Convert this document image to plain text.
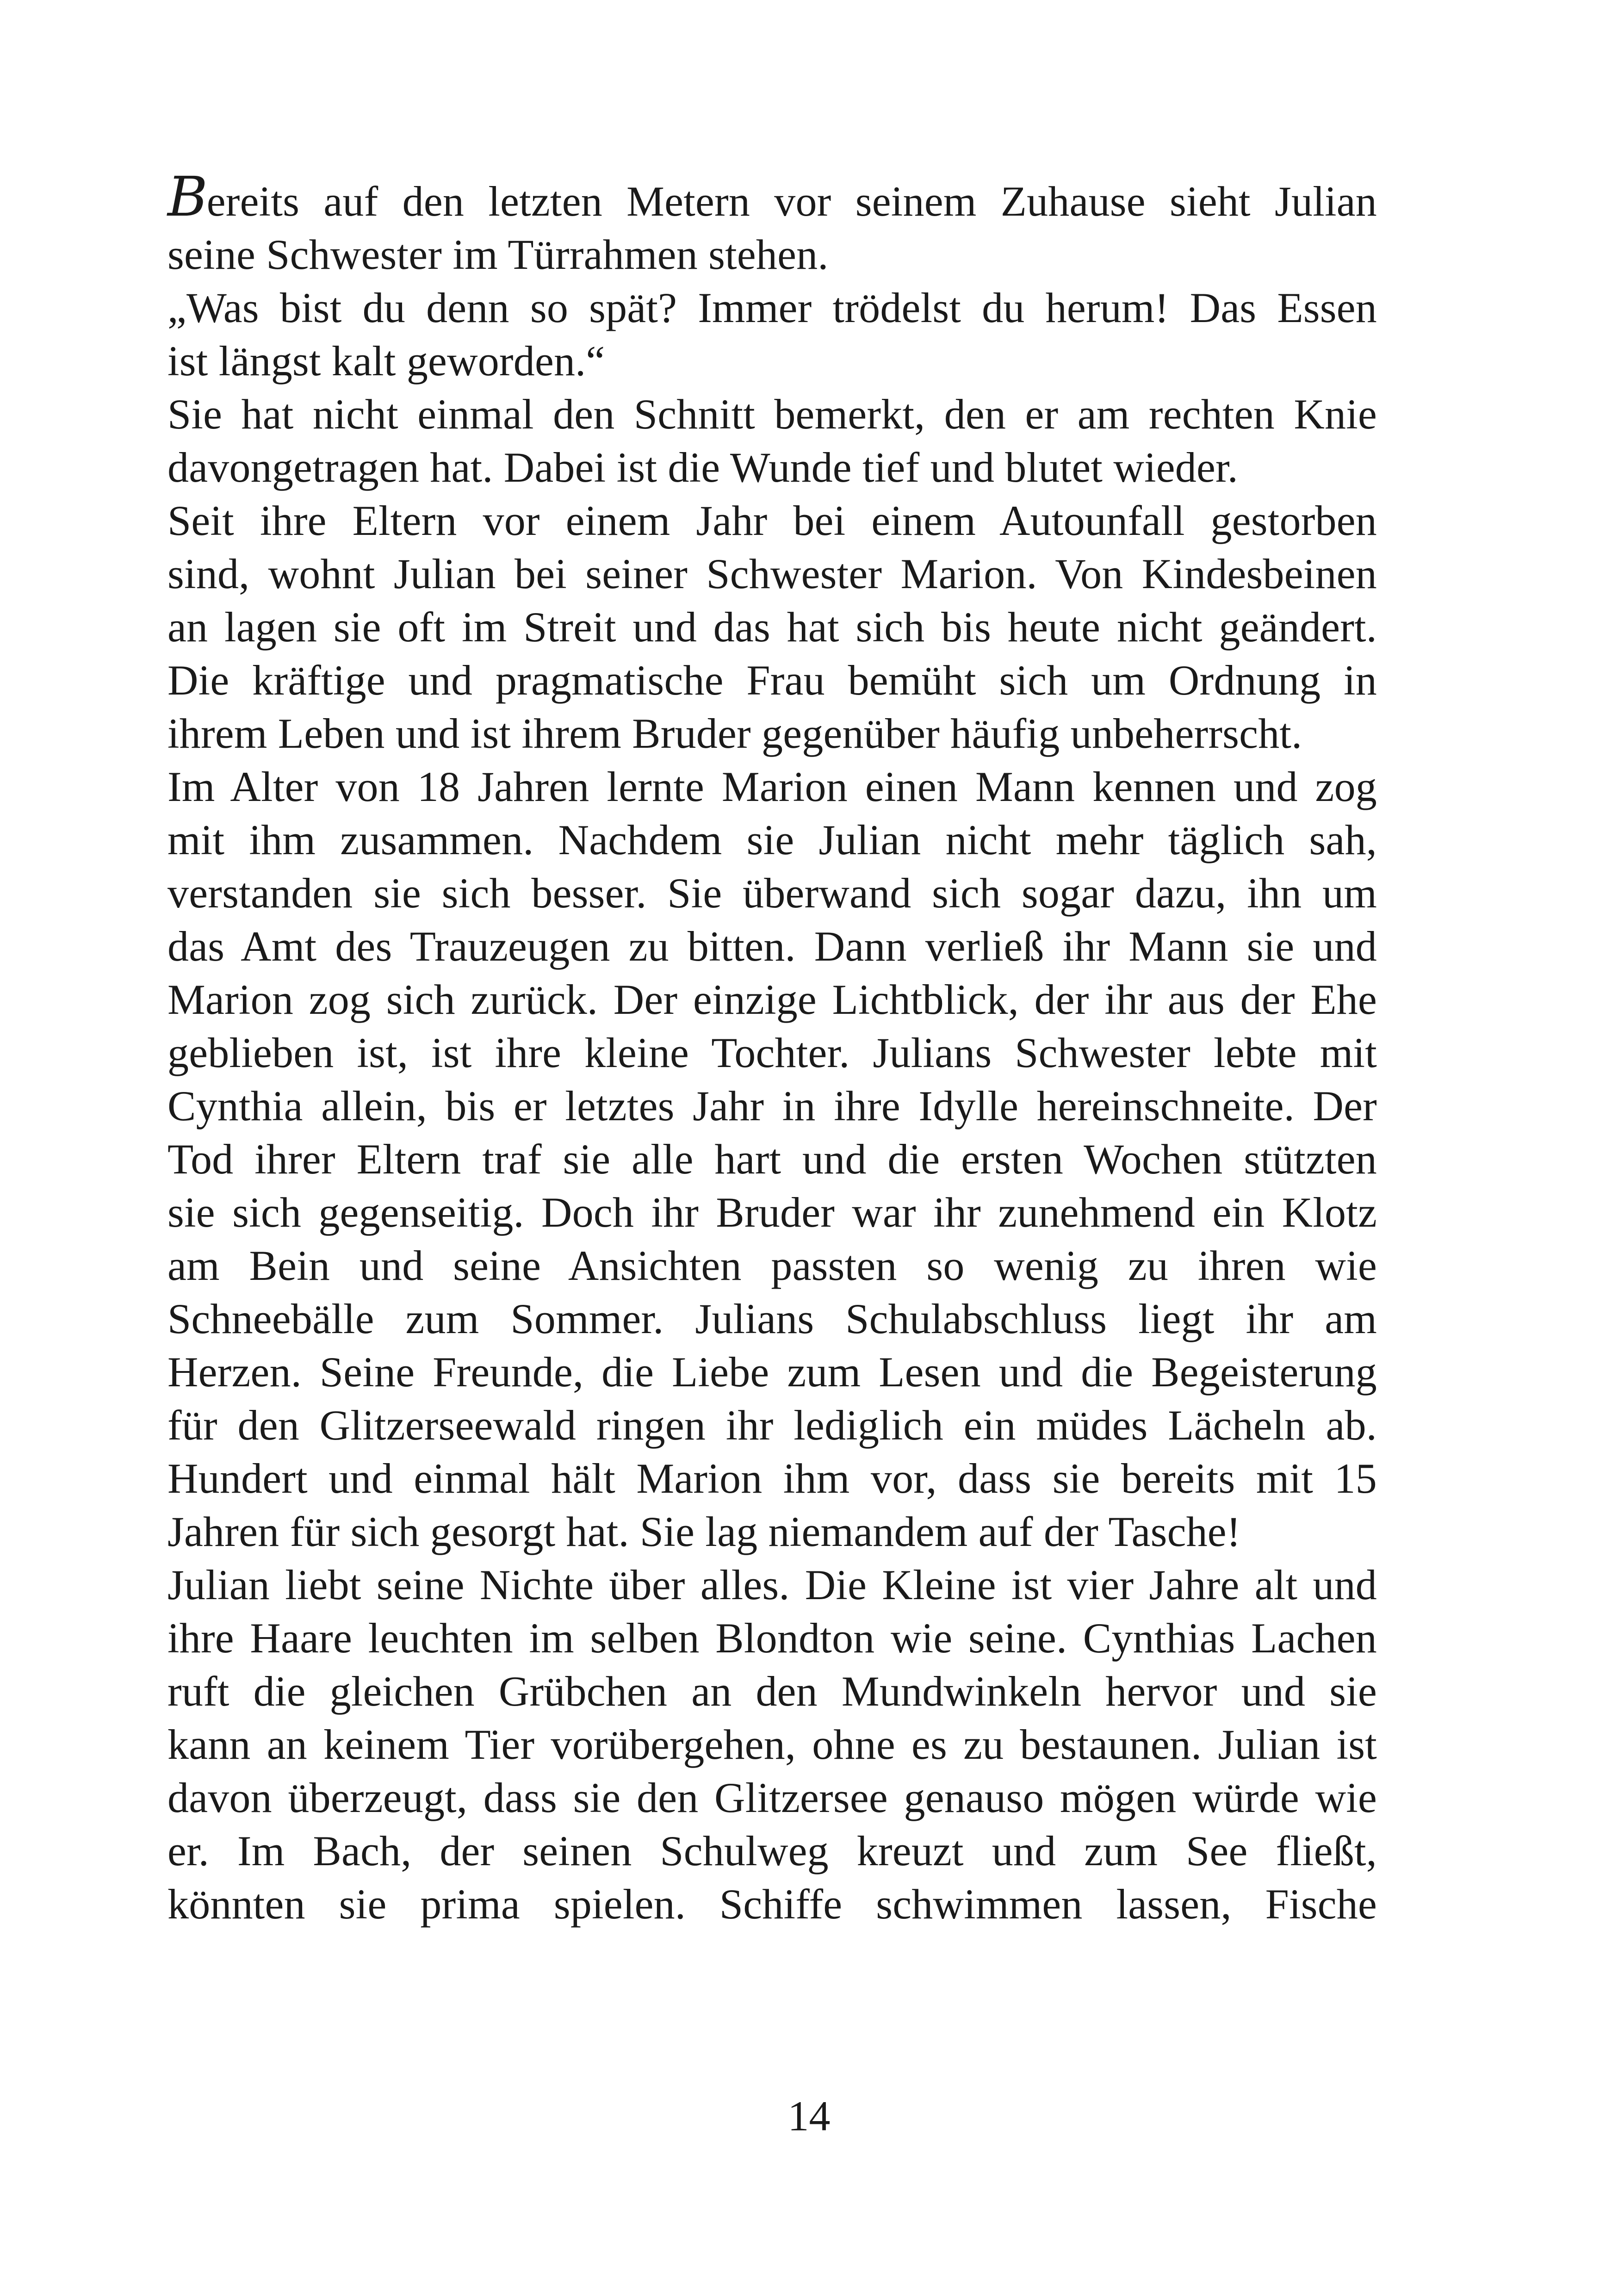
Bereits auf den letzten Metern vor seinem Zuhause sieht Julian
seine Schwester im Türrahmen stehen.
„Was bist du denn so spät? Immer trödelst du herum! Das Essen
ist längst kalt geworden.“
Sie hat nicht einmal den Schnitt bemerkt, den er am rechten Knie
davongetragen hat. Dabei ist die Wunde tief und blutet wieder.
Seit ihre Eltern vor einem Jahr bei einem Autounfall gestorben
sind, wohnt Julian bei seiner Schwester Marion. Von Kindesbeinen
an lagen sie oft im Streit und das hat sich bis heute nicht geändert.
Die kräftige und pragmatische Frau bemüht sich um Ordnung in
ihrem Leben und ist ihrem Bruder gegenüber häufig unbeherrscht.
Im Alter von 18 Jahren lernte Marion einen Mann kennen und zog
mit ihm zusammen. Nachdem sie Julian nicht mehr täglich sah,
verstanden sie sich besser. Sie überwand sich sogar dazu, ihn um
das Amt des Trauzeugen zu bitten. Dann verließ ihr Mann sie und
Marion zog sich zurück. Der einzige Lichtblick, der ihr aus der Ehe
geblieben ist, ist ihre kleine Tochter. Julians Schwester lebte mit
Cynthia allein, bis er letztes Jahr in ihre Idylle hereinschneite. Der
Tod ihrer Eltern traf sie alle hart und die ersten Wochen stützten
sie sich gegenseitig. Doch ihr Bruder war ihr zunehmend ein Klotz
am Bein und seine Ansichten passten so wenig zu ihren wie
Schneebälle zum Sommer. Julians Schulabschluss liegt ihr am
Herzen. Seine Freunde, die Liebe zum Lesen und die Begeisterung
für den Glitzerseewald ringen ihr lediglich ein müdes Lächeln ab.
Hundert und einmal hält Marion ihm vor, dass sie bereits mit 15
Jahren für sich gesorgt hat. Sie lag niemandem auf der Tasche!
Julian liebt seine Nichte über alles. Die Kleine ist vier Jahre alt und
ihre Haare leuchten im selben Blondton wie seine. Cynthias Lachen
ruft die gleichen Grübchen an den Mundwinkeln hervor und sie
kann an keinem Tier vorübergehen, ohne es zu bestaunen. Julian ist
davon überzeugt, dass sie den Glitzersee genauso mögen würde wie
er. Im Bach, der seinen Schulweg kreuzt und zum See fließt,
könnten sie prima spielen. Schiffe schwimmen lassen, Fische
14
